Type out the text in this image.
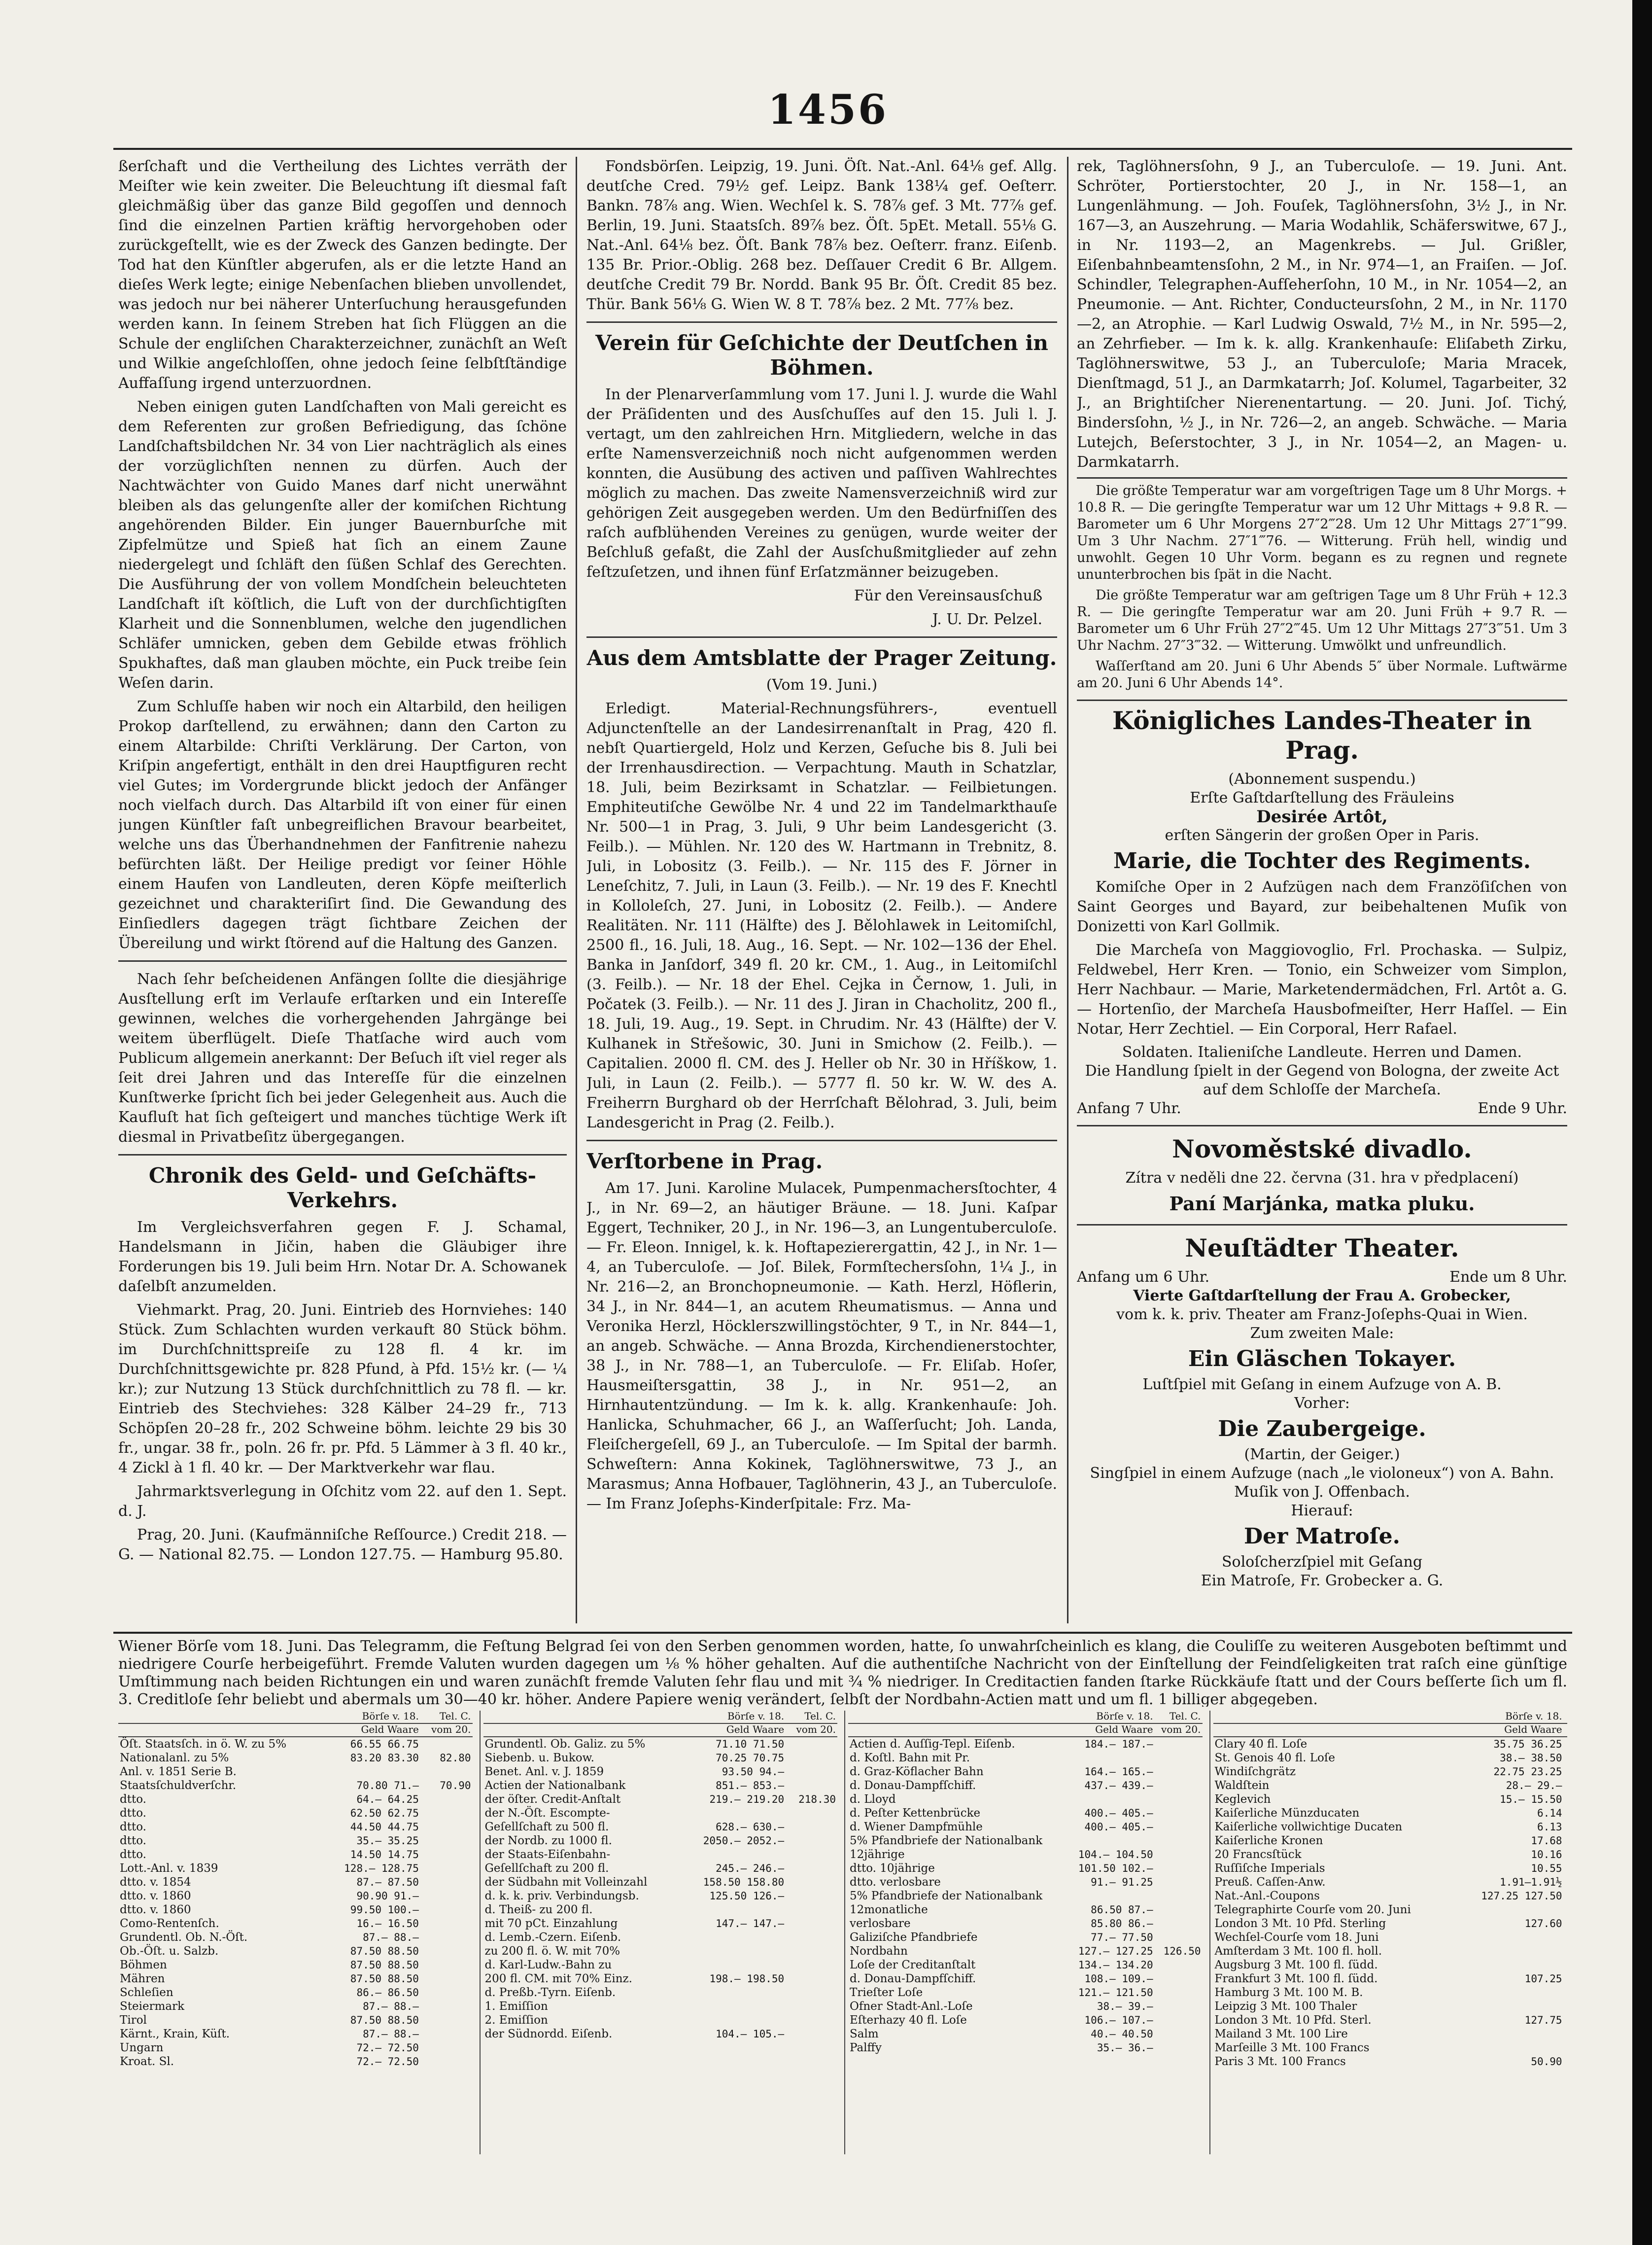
1456

ßerſchaft und die Vertheilung des Lichtes verräth der Meiſter wie kein zweiter. Die Beleuchtung iſt diesmal faſt gleichmäßig über das ganze Bild gegoſſen und dennoch ſind die einzelnen Partien kräftig hervorgehoben oder zurückgeſtellt, wie es der Zweck des Ganzen bedingte. Der Tod hat den Künſtler abgerufen, als er die letzte Hand an dieſes Werk legte; einige Nebenſachen blieben unvollendet, was jedoch nur bei näherer Unterſuchung herausgefunden werden kann. In ſeinem Streben hat ſich Flüggen an die Schule der engliſchen Charakterzeichner, zunächſt an Weſt und Wilkie angeſchloſſen, ohne jedoch ſeine ſelbſtſtändige Auffaſſung irgend unterzuordnen.

Neben einigen guten Landſchaften von Mali gereicht es dem Referenten zur großen Befriedigung, das ſchöne Landſchaftsbildchen Nr. 34 von Lier nachträglich als eines der vorzüglichſten nennen zu dürfen. Auch der Nachtwächter von Guido Manes darf nicht unerwähnt bleiben als das gelungenſte aller der komiſchen Richtung angehörenden Bilder. Ein junger Bauernburſche mit Zipfelmütze und Spieß hat ſich an einem Zaune niedergelegt und ſchläft den ſüßen Schlaf des Gerechten. Die Ausführung der von vollem Mondſchein beleuchteten Landſchaft iſt köſtlich, die Luft von der durchſichtigſten Klarheit und die Sonnenblumen, welche den jugendlichen Schläfer umnicken, geben dem Gebilde etwas fröhlich Spukhaftes, daß man glauben möchte, ein Puck treibe ſein Weſen darin.

Zum Schluſſe haben wir noch ein Altarbild, den heiligen Prokop darſtellend, zu erwähnen; dann den Carton zu einem Altarbilde: Chriſti Verklärung. Der Carton, von Kriſpin angefertigt, enthält in den drei Hauptfiguren recht viel Gutes; im Vordergrunde blickt jedoch der Anfänger noch vielfach durch. Das Altarbild iſt von einer für einen jungen Künſtler faſt unbegreiflichen Bravour bearbeitet, welche uns das Überhandnehmen der Fanfitrenie nahezu befürchten läßt. Der Heilige predigt vor ſeiner Höhle einem Haufen von Landleuten, deren Köpfe meiſterlich gezeichnet und charakteriſirt ſind. Die Gewandung des Einſiedlers dagegen trägt ſichtbare Zeichen der Übereilung und wirkt ſtörend auf die Haltung des Ganzen.

Nach ſehr beſcheidenen Anfängen ſollte die diesjährige Ausſtellung erſt im Verlaufe erſtarken und ein Intereſſe gewinnen, welches die vorhergehenden Jahrgänge bei weitem überflügelt. Dieſe Thatſache wird auch vom Publicum allgemein anerkannt: Der Beſuch iſt viel reger als ſeit drei Jahren und das Intereſſe für die einzelnen Kunſtwerke ſpricht ſich bei jeder Gelegenheit aus. Auch die Kaufluſt hat ſich geſteigert und manches tüchtige Werk iſt diesmal in Privatbeſitz übergegangen.

Chronik des Geld- und Geſchäfts-Verkehrs.

Im Vergleichsverfahren gegen F. J. Schamal, Handelsmann in Jičin, haben die Gläubiger ihre Forderungen bis 19. Juli beim Hrn. Notar Dr. A. Schowanek daſelbſt anzumelden.

Viehmarkt. Prag, 20. Juni. Eintrieb des Hornviehes: 140 Stück. Zum Schlachten wurden verkauft 80 Stück böhm. im Durchſchnittspreiſe zu 128 fl. 4 kr. im Durchſchnittsgewichte pr. 828 Pfund, à Pfd. 15½ kr. (— ¼ kr.); zur Nutzung 13 Stück durchſchnittlich zu 78 fl. — kr. Eintrieb des Stechviehes: 328 Kälber 24–29 fr., 713 Schöpſen 20–28 fr., 202 Schweine böhm. leichte 29 bis 30 fr., ungar. 38 fr., poln. 26 fr. pr. Pfd. 5 Lämmer à 3 fl. 40 kr., 4 Zickl à 1 fl. 40 kr. — Der Marktverkehr war flau.

Jahrmarktsverlegung in Oſchitz vom 22. auf den 1. Sept. d. J.

Prag, 20. Juni. (Kaufmänniſche Reſſource.) Credit 218. — G. — National 82.75. — London 127.75. — Hamburg 95.80.

Fondsbörſen. Leipzig, 19. Juni. Öſt. Nat.-Anl. 64⅛ gef. Allg. deutſche Cred. 79½ gef. Leipz. Bank 138¼ gef. Oeſterr. Bankn. 78⅞ ang. Wien. Wechſel k. S. 78⅞ gef. 3 Mt. 77⅞ gef. Berlin, 19. Juni. Staatsſch. 89⅞ bez. Öſt. 5pEt. Metall. 55⅛ G. Nat.-Anl. 64⅛ bez. Öſt. Bank 78⅞ bez. Oeſterr. franz. Eiſenb. 135 Br. Prior.-Oblig. 268 bez. Deſſauer Credit 6 Br. Allgem. deutſche Credit 79 Br. Nordd. Bank 95 Br. Öſt. Credit 85 bez. Thür. Bank 56⅛ G. Wien W. 8 T. 78⅞ bez. 2 Mt. 77⅞ bez.

Verein für Geſchichte der Deutſchen in Böhmen.

In der Plenarverſammlung vom 17. Juni l. J. wurde die Wahl der Präſidenten und des Ausſchuſſes auf den 15. Juli l. J. vertagt, um den zahlreichen Hrn. Mitgliedern, welche in das erſte Namensverzeichniß noch nicht aufgenommen werden konnten, die Ausübung des activen und paſſiven Wahlrechtes möglich zu machen. Das zweite Namensverzeichniß wird zur gehörigen Zeit ausgegeben werden. Um den Bedürfniſſen des raſch aufblühenden Vereines zu genügen, wurde weiter der Beſchluß gefaßt, die Zahl der Ausſchußmitglieder auf zehn feſtzuſetzen, und ihnen fünf Erſatzmänner beizugeben.

Für den Vereinsausſchuß
J. U. Dr. Pelzel.
Aus dem Amtsblatte der Prager Zeitung.

(Vom 19. Juni.)

Erledigt. Material-Rechnungsführers-, eventuell Adjunctenſtelle an der Landesirrenanſtalt in Prag, 420 fl. nebſt Quartiergeld, Holz und Kerzen, Geſuche bis 8. Juli bei der Irrenhausdirection. — Verpachtung. Mauth in Schatzlar, 18. Juli, beim Bezirksamt in Schatzlar. — Feilbietungen. Emphiteutiſche Gewölbe Nr. 4 und 22 im Tandelmarkthauſe Nr. 500—1 in Prag, 3. Juli, 9 Uhr beim Landesgericht (3. Feilb.). — Mühlen. Nr. 120 des W. Hartmann in Trebnitz, 8. Juli, in Lobositz (3. Feilb.). — Nr. 115 des F. Jörner in Leneſchitz, 7. Juli, in Laun (3. Feilb.). — Nr. 19 des F. Knechtl in Kolloleſch, 27. Juni, in Lobositz (2. Feilb.). — Andere Realitäten. Nr. 111 (Hälfte) des J. Bělohlawek in Leitomiſchl, 2500 fl., 16. Juli, 18. Aug., 16. Sept. — Nr. 102—136 der Ehel. Banka in Janſdorf, 349 fl. 20 kr. CM., 1. Aug., in Leitomiſchl (3. Feilb.). — Nr. 18 der Ehel. Cejka in Černow, 1. Juli, in Počatek (3. Feilb.). — Nr. 11 des J. Jiran in Chacholitz, 200 fl., 18. Juli, 19. Aug., 19. Sept. in Chrudim. Nr. 43 (Hälfte) der V. Kulhanek in Střešowic, 30. Juni in Smichow (2. Feilb.). — Capitalien. 2000 fl. CM. des J. Heller ob Nr. 30 in Hříškow, 1. Juli, in Laun (2. Feilb.). — 5777 fl. 50 kr. W. W. des A. Freiherrn Burghard ob der Herrſchaft Bělohrad, 3. Juli, beim Landesgericht in Prag (2. Feilb.).

Verſtorbene in Prag.

Am 17. Juni. Karoline Mulacek, Pumpenmachersſtochter, 4 J., in Nr. 69—2, an häutiger Bräune. — 18. Juni. Kaſpar Eggert, Techniker, 20 J., in Nr. 196—3, an Lungentuberculoſe. — Fr. Eleon. Innigel, k. k. Hoftapezierergattin, 42 J., in Nr. 1—4, an Tuberculoſe. — Joſ. Bilek, Formſtechersſohn, 1¼ J., in Nr. 216—2, an Bronchopneumonie. — Kath. Herzl, Höflerin, 34 J., in Nr. 844—1, an acutem Rheumatismus. — Anna und Veronika Herzl, Höcklerszwillingstöchter, 9 T., in Nr. 844—1, an angeb. Schwäche. — Anna Brozda, Kirchendienerstochter, 38 J., in Nr. 788—1, an Tuberculoſe. — Fr. Eliſab. Hoſer, Hausmeiſtersgattin, 38 J., in Nr. 951—2, an Hirnhautentzündung. — Im k. k. allg. Krankenhauſe: Joh. Hanlicka, Schuhmacher, 66 J., an Waſſerſucht; Joh. Landa, Fleiſchergeſell, 69 J., an Tuberculoſe. — Im Spital der barmh. Schweſtern: Anna Kokinek, Taglöhnerswitwe, 73 J., an Marasmus; Anna Hofbauer, Taglöhnerin, 43 J., an Tuberculoſe. — Im Franz Joſephs-Kinderſpitale: Frz. Ma-

rek, Taglöhnersſohn, 9 J., an Tuberculoſe. — 19. Juni. Ant. Schröter, Portierstochter, 20 J., in Nr. 158—1, an Lungenlähmung. — Joh. Fouſek, Taglöhnersſohn, 3½ J., in Nr. 167—3, an Auszehrung. — Maria Wodahlik, Schäferswitwe, 67 J., in Nr. 1193—2, an Magenkrebs. — Jul. Grißler, Eiſenbahnbeamtensſohn, 2 M., in Nr. 974—1, an Fraiſen. — Joſ. Schindler, Telegraphen-Aufſeherſohn, 10 M., in Nr. 1054—2, an Pneumonie. — Ant. Richter, Conducteursſohn, 2 M., in Nr. 1170—2, an Atrophie. — Karl Ludwig Oswald, 7½ M., in Nr. 595—2, an Zehrfieber. — Im k. k. allg. Krankenhauſe: Eliſabeth Zirku, Taglöhnerswitwe, 53 J., an Tuberculoſe; Maria Mracek, Dienſtmagd, 51 J., an Darmkatarrh; Joſ. Kolumel, Tagarbeiter, 32 J., an Brightiſcher Nierenentartung. — 20. Juni. Joſ. Tichý, Bindersſohn, ½ J., in Nr. 726—2, an angeb. Schwäche. — Maria Lutejch, Beſerstochter, 3 J., in Nr. 1054—2, an Magen- u. Darmkatarrh.

Die größte Temperatur war am vorgeſtrigen Tage um 8 Uhr Morgs. + 10.8 R. — Die geringſte Temperatur war um 12 Uhr Mittags + 9.8 R. — Barometer um 6 Uhr Morgens 27″2‴28. Um 12 Uhr Mittags 27″1‴99. Um 3 Uhr Nachm. 27″1‴76. — Witterung. Früh hell, windig und unwohlt. Gegen 10 Uhr Vorm. begann es zu regnen und regnete ununterbrochen bis ſpät in die Nacht.

Die größte Temperatur war am geſtrigen Tage um 8 Uhr Früh + 12.3 R. — Die geringſte Temperatur war am 20. Juni Früh + 9.7 R. — Barometer um 6 Uhr Früh 27″2‴45. Um 12 Uhr Mittags 27″3‴51. Um 3 Uhr Nachm. 27″3‴32. — Witterung. Umwölkt und unfreundlich.

Waſſerſtand am 20. Juni 6 Uhr Abends 5″ über Normale. Luftwärme am 20. Juni 6 Uhr Abends 14°.

Königliches Landes-Theater in Prag.
(Abonnement suspendu.)
Erſte Gaſtdarſtellung des Fräuleins
Desirée Artôt,
erſten Sängerin der großen Oper in Paris.
Marie, die Tochter des Regiments.

Komiſche Oper in 2 Aufzügen nach dem Franzöſiſchen von Saint Georges und Bayard, zur beibehaltenen Muſik von Donizetti von Karl Gollmik.

Die Marcheſa von Maggiovoglio, Frl. Prochaska. — Sulpiz, Feldwebel, Herr Kren. — Tonio, ein Schweizer vom Simplon, Herr Nachbaur. — Marie, Marketendermädchen, Frl. Artôt a. G. — Hortenſio, der Marcheſa Hausbofmeiſter, Herr Haſſel. — Ein Notar, Herr Zechtiel. — Ein Corporal, Herr Rafael.

Soldaten. Italieniſche Landleute. Herren und Damen.
Die Handlung ſpielt in der Gegend von Bologna, der zweite Act auf dem Schloſſe der Marcheſa.
Anfang 7 Uhr.	Ende 9 Uhr.
Novoměstské divadlo.
Zítra v neděli dne 22. června (31. hra v předplacení)
Paní Marjánka, matka pluku.
Neuſtädter Theater.
Anfang um 6 Uhr.	Ende um 8 Uhr.
Vierte Gaſtdarſtellung der Frau A. Grobecker,
vom k. k. priv. Theater am Franz-Joſephs-Quai in Wien.
Zum zweiten Male:
Ein Gläschen Tokayer.
Luſtſpiel mit Geſang in einem Aufzuge von A. B.
Vorher:
Die Zaubergeige.
(Martin, der Geiger.)
Singſpiel in einem Aufzuge (nach „le violoneux“) von A. Bahn. Muſik von J. Offenbach.
Hierauf:
Der Matroſe.
Soloſcherzſpiel mit Geſang
Ein Matroſe, Fr. Grobecker a. G.

Wiener Börſe vom 18. Juni. Das Telegramm, die Feſtung Belgrad ſei von den Serben genommen worden, hatte, ſo unwahrſcheinlich es klang, die Couliſſe zu weiteren Ausgeboten beſtimmt und niedrigere Courſe herbeigeführt. Fremde Valuten wurden dagegen um ⅛ % höher gehalten. Auf die authentiſche Nachricht von der Einſtellung der Feindſeligkeiten trat raſch eine günſtige Umſtimmung nach beiden Richtungen ein und waren zunächſt fremde Valuten ſehr flau und mit ¾ % niedriger. In Creditactien fanden ſtarke Rückkäufe ſtatt und der Cours beſſerte ſich um fl. 3. Creditloſe ſehr beliebt und abermals um 30—40 kr. höher. Andere Papiere wenig verändert, ſelbſt der Nordbahn-Actien matt und um fl. 1 billiger abgegeben.

	Börſe v. 18.	Tel. C.
	Geld Waare	vom 20.
Öſt. Staatsſch. in ö. W. zu 5%	66.55 66.75	
Nationalanl. zu 5%	83.20 83.30	82.80
Anl. v. 1851 Serie B.		
Staatsſchuldverſchr.	70.80 71.—	70.90
dtto.	64.— 64.25	
dtto.	62.50 62.75	
dtto.	44.50 44.75	
dtto.	35.— 35.25	
dtto.	14.50 14.75	
Lott.-Anl. v. 1839	128.— 128.75	
dtto. v. 1854	87.— 87.50	
dtto. v. 1860	90.90 91.—	
dtto. v. 1860	99.50 100.—	
Como-Rentenſch.	16.— 16.50	
Grundentl. Ob. N.-Öſt.	87.— 88.—	
Ob.-Öſt. u. Salzb.	87.50 88.50	
Böhmen	87.50 88.50	
Mähren	87.50 88.50	
Schleſien	86.— 86.50	
Steiermark	87.— 88.—	
Tirol	87.50 88.50	
Kärnt., Krain, Küſt.	87.— 88.—	
Ungarn	72.— 72.50	
Kroat. Sl.	72.— 72.50	
	Börſe v. 18.	Tel. C.
	Geld Waare	vom 20.
Grundentl. Ob. Galiz. zu 5%	71.10 71.50	
Siebenb. u. Bukow.	70.25 70.75	
Benet. Anl. v. J. 1859	93.50 94.—	
Actien der Nationalbank	851.— 853.—	
der öſter. Credit-Anſtalt	219.— 219.20	218.30
der N.-Öſt. Escompte-		
Geſellſchaft zu 500 fl.	628.— 630.—	
der Nordb. zu 1000 fl.	2050.— 2052.—	
der Staats-Eiſenbahn-		
Geſellſchaft zu 200 fl.	245.— 246.—	
der Südbahn mit Volleinzahl	158.50 158.80	
d. k. k. priv. Verbindungsb.	125.50 126.—	
d. Theiß- zu 200 fl.		
mit 70 pCt. Einzahlung	147.— 147.—	
d. Lemb.-Czern. Eiſenb.		
zu 200 fl. ö. W. mit 70%		
d. Karl-Ludw.-Bahn zu		
200 fl. CM. mit 70% Einz.	198.— 198.50	
d. Preßb.-Tyrn. Eiſenb.		
1. Emiſſion		
2. Emiſſion		
der Südnordd. Eiſenb.	104.— 105.—	
	Börſe v. 18.	Tel. C.
	Geld Waare	vom 20.
Actien d. Auſſig-Tepl. Eiſenb.	184.— 187.—	
d. Koſtl. Bahn mit Pr.		
d. Graz-Köflacher Bahn	164.— 165.—	
d. Donau-Dampfſchiff.	437.— 439.—	
d. Lloyd		
d. Peſter Kettenbrücke	400.— 405.—	
d. Wiener Dampfmühle	400.— 405.—	
5% Pfandbriefe der Nationalbank		
12jährige	104.— 104.50	
dtto. 10jährige	101.50 102.—	
dtto. verlosbare	91.— 91.25	
5% Pfandbriefe der Nationalbank		
12monatliche	86.50 87.—	
verlosbare	85.80 86.—	
Galiziſche Pfandbriefe	77.— 77.50	
Nordbahn	127.— 127.25	126.50
Loſe der Creditanſtalt	134.— 134.20	
d. Donau-Dampfſchiff.	108.— 109.—	
Trieſter Loſe	121.— 121.50	
Ofner Stadt-Anl.-Loſe	38.— 39.—	
Eſterhazy 40 fl. Loſe	106.— 107.—	
Salm	40.— 40.50	
Palffy	35.— 36.—	
	Börſe v. 18.	
	Geld Waare	
Clary 40 fl. Loſe	35.75 36.25	
St. Genois 40 fl. Loſe	38.— 38.50	
Windiſchgrätz	22.75 23.25	
Waldſtein	28.— 29.—	
Keglevich	15.— 15.50	
Kaiſerliche Münzducaten	6.14	
Kaiſerliche vollwichtige Ducaten	6.13	
Kaiſerliche Kronen	17.68	
20 Francsſtück	10.16	
Ruſſiſche Imperials	10.55	
Preuß. Caſſen-Anw.	1.91—1.91½	
Nat.-Anl.-Coupons	127.25 127.50	
Telegraphirte Courſe vom 20. Juni		
London 3 Mt. 10 Pfd. Sterling	127.60	
Wechſel-Courſe vom 18. Juni		
Amſterdam 3 Mt. 100 fl. holl.		
Augsburg 3 Mt. 100 fl. ſüdd.		
Frankfurt 3 Mt. 100 fl. ſüdd.	107.25	
Hamburg 3 Mt. 100 M. B.		
Leipzig 3 Mt. 100 Thaler		
London 3 Mt. 10 Pfd. Sterl.	127.75	
Mailand 3 Mt. 100 Lire		
Marſeille 3 Mt. 100 Francs		
Paris 3 Mt. 100 Francs	50.90	
